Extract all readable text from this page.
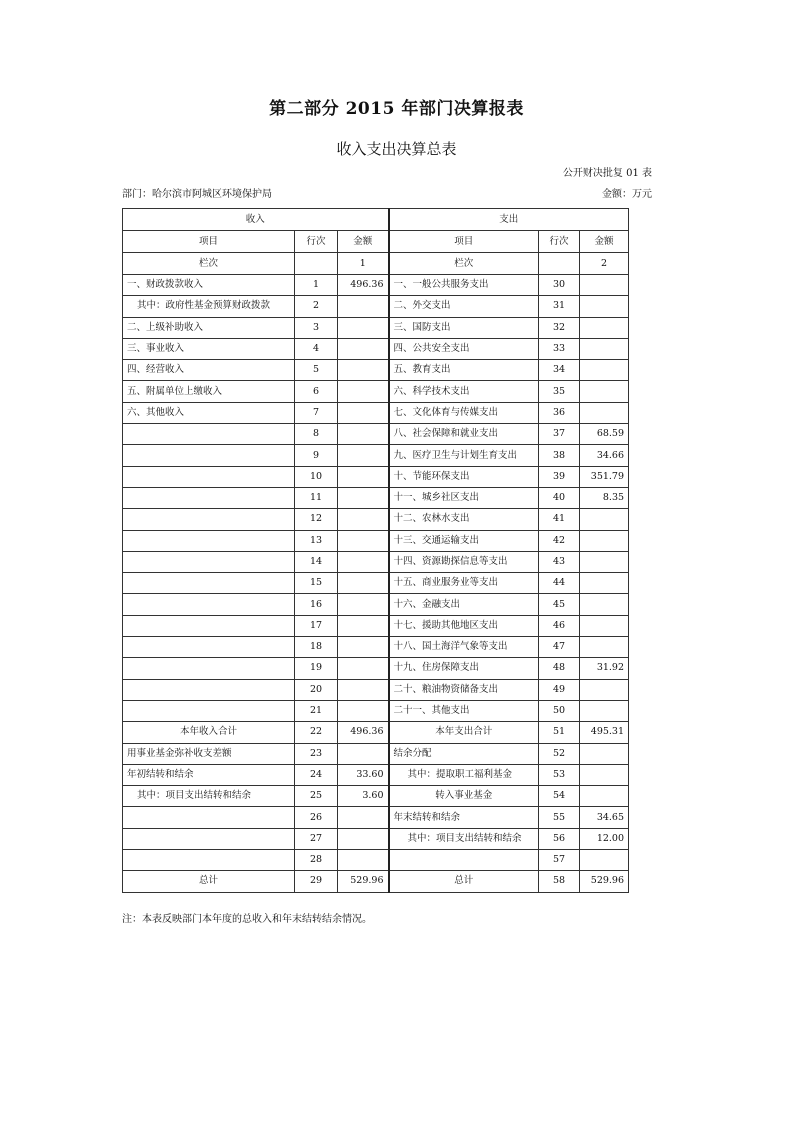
第二部分 2015 年部门决算报表
收入支出决算总表
公开财决批复 01 表
部门：哈尔滨市阿城区环境保护局	金额：万元
收入			支出		
项目	行次	金额	项目	行次	金额
栏次		1	栏次		2
一、财政拨款收入	1	496.36	一、一般公共服务支出	30	
其中：政府性基金预算财政拨款	2		二、外交支出	31	
二、上级补助收入	3		三、国防支出	32	
三、事业收入	4		四、公共安全支出	33	
四、经营收入	5		五、教育支出	34	
五、附属单位上缴收入	6		六、科学技术支出	35	
六、其他收入	7		七、文化体育与传媒支出	36	
	8		八、社会保障和就业支出	37	68.59
	9		九、医疗卫生与计划生育支出	38	34.66
	10		十、节能环保支出	39	351.79
	11		十一、城乡社区支出	40	8.35
	12		十二、农林水支出	41	
	13		十三、交通运输支出	42	
	14		十四、资源勘探信息等支出	43	
	15		十五、商业服务业等支出	44	
	16		十六、金融支出	45	
	17		十七、援助其他地区支出	46	
	18		十八、国土海洋气象等支出	47	
	19		十九、住房保障支出	48	31.92
	20		二十、粮油物资储备支出	49	
	21		二十一、其他支出	50	
本年收入合计	22	496.36	本年支出合计	51	495.31
用事业基金弥补收支差额	23		结余分配	52	
年初结转和结余	24	33.60	其中：提取职工福利基金	53	
其中：项目支出结转和结余	25	3.60	转入事业基金	54	
	26		年末结转和结余	55	34.65
	27		其中：项目支出结转和结余	56	12.00
	28			57	
总计	29	529.96	总计	58	529.96
注：本表反映部门本年度的总收入和年末结转结余情况。
